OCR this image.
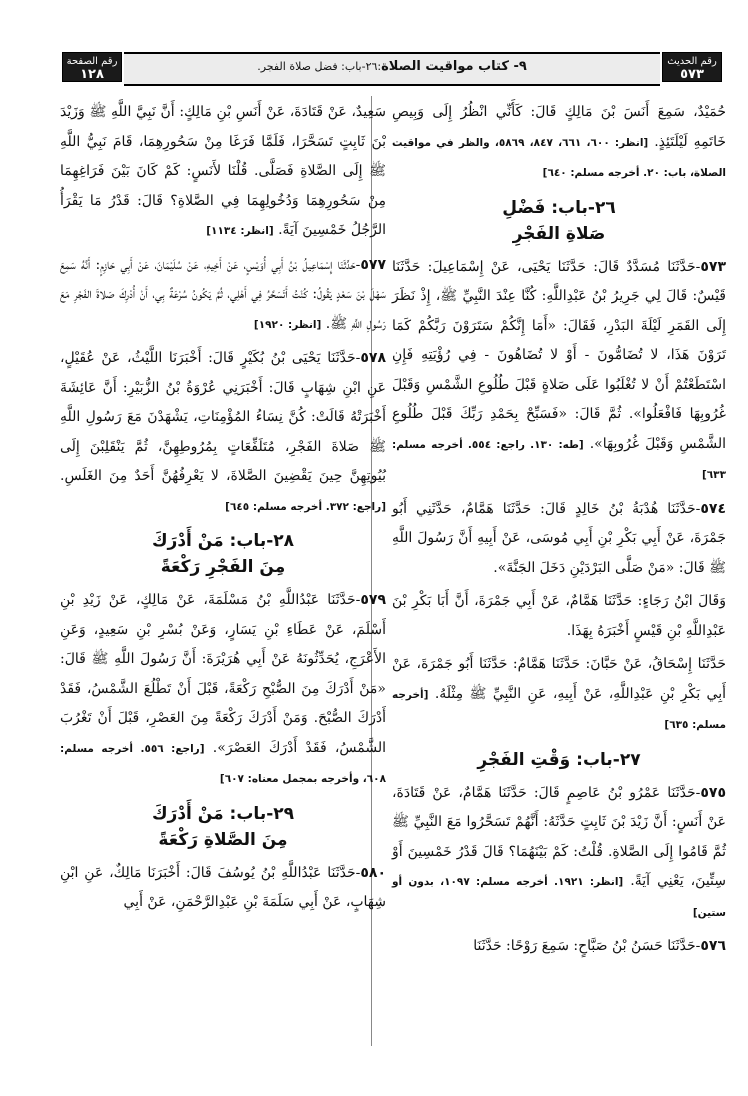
رقم الحديث
٥٧٣
٩- كتاب مواقيت الصلاة:٢٦-باب: فضل صلاة الفجر.
رقم الصفحة
١٢٨

حُمَيْدٌ، سَمِعَ أَنَسَ بْنَ مَالِكٍ قَالَ: كَأَنِّي انْظُرُ إِلَى وَبِيصِ خَاتَمِهِ لَيْلَتَئِذٍ. [انظر: ٦٠٠، ٦٦١، ٨٤٧، ٥٨٦٩، والظر في مواقيت الصلاة، باب: ٢٠. أخرجه مسلم: ٦٤٠]

٢٦-باب: فَضْلِ
صَلاةِ الفَجْرِ

٥٧٣-حَدَّثَنَا مُسَدَّدٌ قَالَ: حَدَّثَنَا يَحْيَى، عَنْ إِسْمَاعِيلَ: حَدَّثَنَا قَيْسٌ: قَالَ لِي جَرِيرُ بْنُ عَبْدِاللَّهِ: كُنَّا عِنْدَ النَّبِيِّ ﷺ، إِذْ نَظَرَ إِلَى القَمَرِ لَيْلَةَ البَدْرِ، فَقَالَ: «أَمَا إِنَّكُمْ سَتَرَوْنَ رَبَّكُمْ كَمَا تَرَوْنَ هَذَا، لا تُضَامُّونَ - أَوْ لا تُضَاهُونَ - فِي رُؤْيَتِهِ فَإِنِ اسْتَطَعْتُمْ أَنْ لا تُغْلَبُوا عَلَى صَلاةٍ قَبْلَ طُلُوعِ الشَّمْسِ وَقَبْلَ غُرُوبِهَا فَافْعَلُوا». ثُمَّ قَالَ: «فَسَبِّحْ بِحَمْدِ رَبِّكَ قَبْلَ طُلُوعِ الشَّمْسِ وَقَبْلَ غُرُوبِهَا». [طه: ١٣٠. راجع: ٥٥٤. أخرجه مسلم: ٦٣٣]

٥٧٤-حَدَّثَنَا هُدْبَةُ بْنُ خَالِدٍ قَالَ: حَدَّثَنَا هَمَّامٌ، حَدَّثَنِي أَبُو جَمْرَةَ، عَنْ أَبِي بَكْرِ بْنِ أَبِي مُوسَى، عَنْ أَبِيهِ أَنَّ رَسُولَ اللَّهِ ﷺ قَالَ: «مَنْ صَلَّى البَرْدَيْنِ دَخَلَ الجَنَّةَ».

وَقَالَ ابْنُ رَجَاءٍ: حَدَّثَنَا هَمَّامٌ، عَنْ أَبِي جَمْرَةَ، أَنَّ أَبَا بَكْرِ بْنَ عَبْدِاللَّهِ بْنِ قَيْسٍ أَخْبَرَهُ بِهَذَا.

حَدَّثَنَا إِسْحَاقُ، عَنْ حَبَّانَ: حَدَّثَنَا هَمَّامٌ: حَدَّثَنَا أَبُو جَمْرَةَ، عَنْ أَبِي بَكْرِ بْنِ عَبْدِاللَّهِ، عَنْ أَبِيهِ، عَنِ النَّبِيِّ ﷺ مِثْلَهُ. [أخرجه مسلم: ٦٣٥]

٢٧-باب: وَقْتِ الفَجْرِ

٥٧٥-حَدَّثَنَا عَمْرُو بْنُ عَاصِمٍ قَالَ: حَدَّثَنَا هَمَّامٌ، عَنْ قَتَادَةَ، عَنْ أَنَسٍ: أَنَّ زَيْدَ بْنَ ثَابِتٍ حَدَّثَهُ: أَنَّهُمْ تَسَحَّرُوا مَعَ النَّبِيِّ ﷺ ثُمَّ قَامُوا إِلَى الصَّلاةِ. قُلْتُ: كَمْ بَيْنَهُمَا؟ قَالَ قَدْرُ خَمْسِينَ أَوْ سِتِّينَ، يَعْنِي آيَةً. [انظر: ١٩٢١. أخرجه مسلم: ١٠٩٧، بدون أو ستين]

٥٧٦-حَدَّثَنَا حَسَنُ بْنُ صَبَّاحٍ: سَمِعَ رَوْحًا: حَدَّثَنَا

سَعِيدٌ، عَنْ قَتَادَةَ، عَنْ أَنَسِ بْنِ مَالِكٍ: أَنَّ نَبِيَّ اللَّهِ ﷺ وَزَيْدَ بْنَ ثَابِتٍ تَسَحَّرَا، فَلَمَّا فَرَغَا مِنْ سَحُورِهِمَا، قَامَ نَبِيُّ اللَّهِ ﷺ إِلَى الصَّلاةِ فَصَلَّى. قُلْنَا لأَنَسٍ: كَمْ كَانَ بَيْنَ فَرَاغِهِمَا مِنْ سَحُورِهِمَا وَدُخُولِهِمَا فِي الصَّلاةِ؟ قَالَ: قَدْرُ مَا يَقْرَأُ الرَّجُلُ خَمْسِينَ آيَةً. [انظر: ١١٣٤]

٥٧٧-حَدَّثَنَا إِسْمَاعِيلُ بْنُ أَبِي أُوَيْسٍ، عَنْ أَخِيهِ، عَنْ سُلَيْمَانَ، عَنْ أَبِي حَازِمٍ: أَنَّهُ سَمِعَ سَهْلَ بْنَ سَعْدٍ يَقُولُ: كُنْتُ أَتَسَحَّرُ فِي أَهْلِي، ثُمَّ يَكُونُ سُرْعَةٌ بِي، أَنْ أُدْرِكَ صَلاةَ الفَجْرِ مَعَ رَسُولِ اللَّهِ ﷺ. [انظر: ١٩٢٠]

٥٧٨-حَدَّثَنَا يَحْيَى بْنُ بُكَيْرٍ قَالَ: أَخْبَرَنَا اللَّيْثُ، عَنْ عُقَيْلٍ، عَنِ ابْنِ شِهَابٍ قَالَ: أَخْبَرَنِي عُرْوَةُ بْنُ الزُّبَيْرِ: أَنَّ عَائِشَةَ أَخْبَرَتْهُ قَالَتْ: كُنَّ نِسَاءُ المُؤْمِنَاتِ، يَشْهَدْنَ مَعَ رَسُولِ اللَّهِ ﷺ صَلاةَ الفَجْرِ، مُتَلَفِّعَاتٍ بِمُرُوطِهِنَّ، ثُمَّ يَنْقَلِبْنَ إِلَى بُيُوتِهِنَّ حِينَ يَقْضِينَ الصَّلاةَ، لا يَعْرِفُهُنَّ أَحَدٌ مِنَ الغَلَسِ. [راجع: ٣٧٢. أخرجه مسلم: ٦٤٥]

٢٨-باب: مَنْ أَدْرَكَ
مِنَ الفَجْرِ رَكْعَةً

٥٧٩-حَدَّثَنَا عَبْدُاللَّهِ بْنُ مَسْلَمَةَ، عَنْ مَالِكٍ، عَنْ زَيْدِ بْنِ أَسْلَمَ، عَنْ عَطَاءِ بْنِ يَسَارٍ، وَعَنْ بُسْرِ بْنِ سَعِيدٍ، وَعَنِ الأَعْرَجِ، يُحَدِّثُونَهُ عَنْ أَبِي هُرَيْرَةَ: أَنَّ رَسُولَ اللَّهِ ﷺ قَالَ: «مَنْ أَدْرَكَ مِنَ الصُّبْحِ رَكْعَةً، قَبْلَ أَنْ تَطْلُعَ الشَّمْسُ، فَقَدْ أَدْرَكَ الصُّبْحَ. وَمَنْ أَدْرَكَ رَكْعَةً مِنَ العَصْرِ، قَبْلَ أَنْ تَغْرُبَ الشَّمْسُ، فَقَدْ أَدْرَكَ العَصْرَ». [راجع: ٥٥٦. أخرجه مسلم: ٦٠٨، وأخرجه بمجمل معناه: ٦٠٧]

٢٩-باب: مَنْ أَدْرَكَ
مِنَ الصَّلاةِ رَكْعَةً

٥٨٠-حَدَّثَنَا عَبْدُاللَّهِ بْنُ يُوسُفَ قَالَ: أَخْبَرَنَا مَالِكٌ، عَنِ ابْنِ شِهَابٍ، عَنْ أَبِي سَلَمَةَ بْنِ عَبْدِالرَّحْمَنِ، عَنْ أَبِي
